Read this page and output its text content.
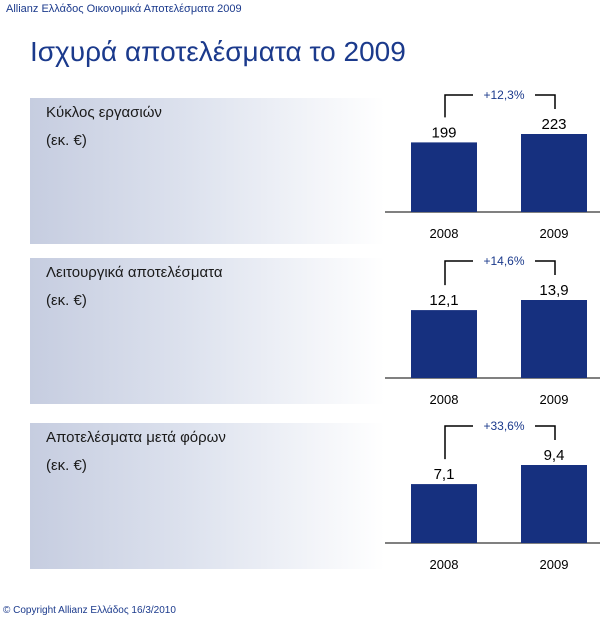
Allianz Ελλάδος Οικονομικά Αποτελέσματα 2009
Ισχυρά αποτελέσματα το 2009
Κύκλος εργασιών
(εκ. €)
Λειτουργικά αποτελέσματα
(εκ. €)
Αποτελέσματα μετά φόρων
(εκ. €)
199
2008
223
2009
+12,3%
12,1
2008
13,9
2009
+14,6%
7,1
2008
9,4
2009
+33,6%
© Copyright Allianz Ελλάδος 16/3/2010
